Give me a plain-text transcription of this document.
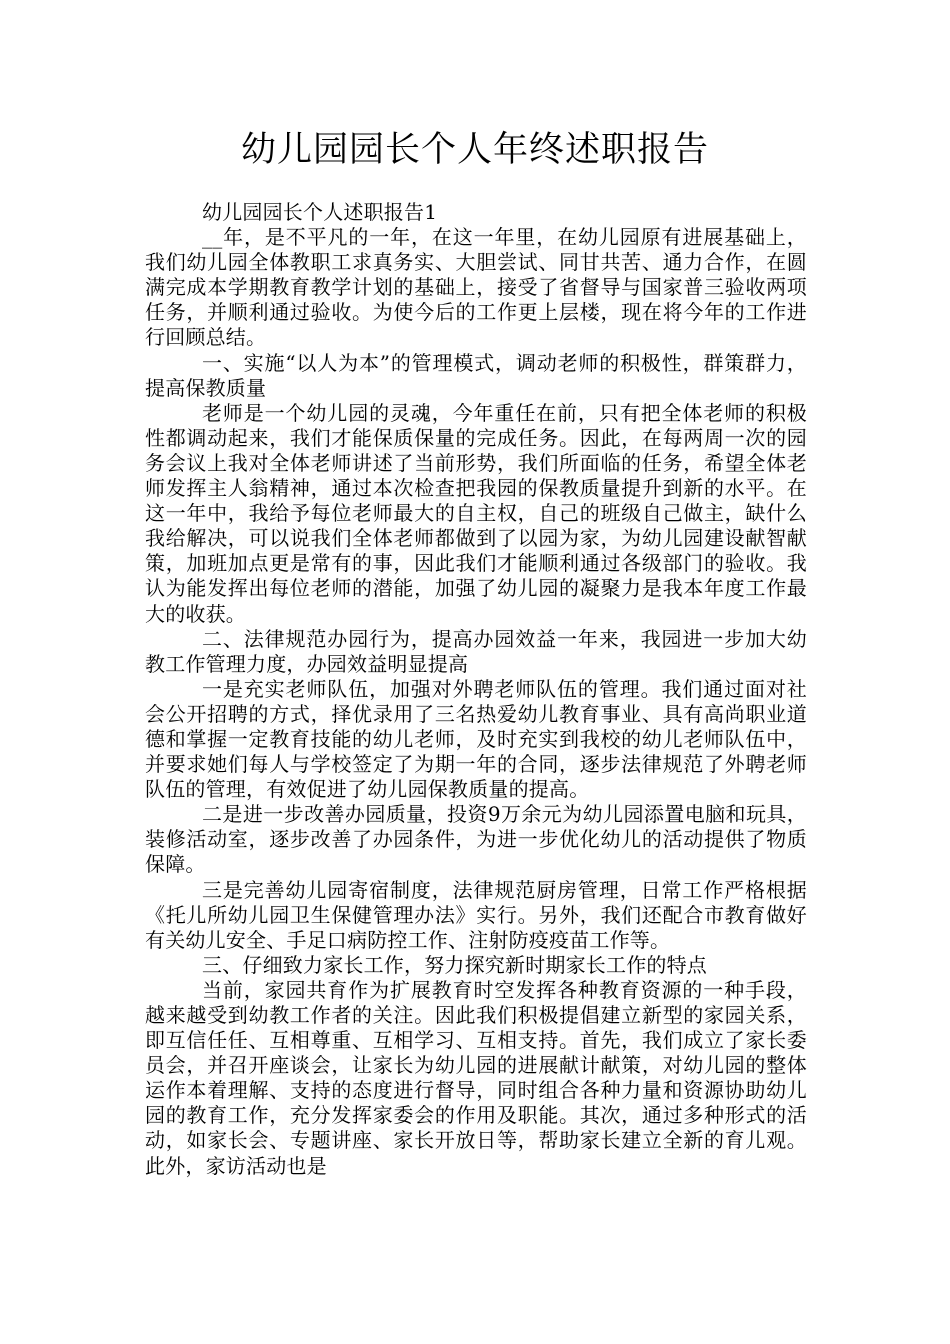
幼儿园园长个人年终述职报告

幼儿园园长个人述职报告1

__年，是不平凡的一年，在这一年里，在幼儿园原有进展基础上，我们幼儿园全体教职工求真务实、大胆尝试、同甘共苦、通力合作，在圆满完成本学期教育教学计划的基础上，接受了省督导与国家普三验收两项任务，并顺利通过验收。为使今后的工作更上层楼，现在将今年的工作进行回顾总结。

一、实施“以人为本”的管理模式，调动老师的积极性，群策群力，提高保教质量

老师是一个幼儿园的灵魂，今年重任在前，只有把全体老师的积极性都调动起来，我们才能保质保量的完成任务。因此，在每两周一次的园务会议上我对全体老师讲述了当前形势，我们所面临的任务，希望全体老师发挥主人翁精神，通过本次检查把我园的保教质量提升到新的水平。在这一年中，我给予每位老师最大的自主权，自己的班级自己做主，缺什么我给解决，可以说我们全体老师都做到了以园为家，为幼儿园建设献智献策，加班加点更是常有的事，因此我们才能顺利通过各级部门的验收。我认为能发挥出每位老师的潜能，加强了幼儿园的凝聚力是我本年度工作最大的收获。

二、法律规范办园行为，提高办园效益一年来，我园进一步加大幼教工作管理力度，办园效益明显提高

一是充实老师队伍，加强对外聘老师队伍的管理。我们通过面对社会公开招聘的方式，择优录用了三名热爱幼儿教育事业、具有高尚职业道德和掌握一定教育技能的幼儿老师，及时充实到我校的幼儿老师队伍中，并要求她们每人与学校签定了为期一年的合同，逐步法律规范了外聘老师队伍的管理，有效促进了幼儿园保教质量的提高。

二是进一步改善办园质量，投资9万余元为幼儿园添置电脑和玩具，装修活动室，逐步改善了办园条件，为进一步优化幼儿的活动提供了物质保障。

三是完善幼儿园寄宿制度，法律规范厨房管理，日常工作严格根据《托儿所幼儿园卫生保健管理办法》实行。另外，我们还配合市教育做好有关幼儿安全、手足口病防控工作、注射防疫疫苗工作等。

三、仔细致力家长工作，努力探究新时期家长工作的特点

当前，家园共育作为扩展教育时空发挥各种教育资源的一种手段，越来越受到幼教工作者的关注。因此我们积极提倡建立新型的家园关系，即互信任任、互相尊重、互相学习、互相支持。首先，我们成立了家长委员会，并召开座谈会，让家长为幼儿园的进展献计献策，对幼儿园的整体运作本着理解、支持的态度进行督导，同时组合各种力量和资源协助幼儿园的教育工作，充分发挥家委会的作用及职能。其次，通过多种形式的活动，如家长会、专题讲座、家长开放日等，帮助家长建立全新的育儿观。此外，家访活动也是
